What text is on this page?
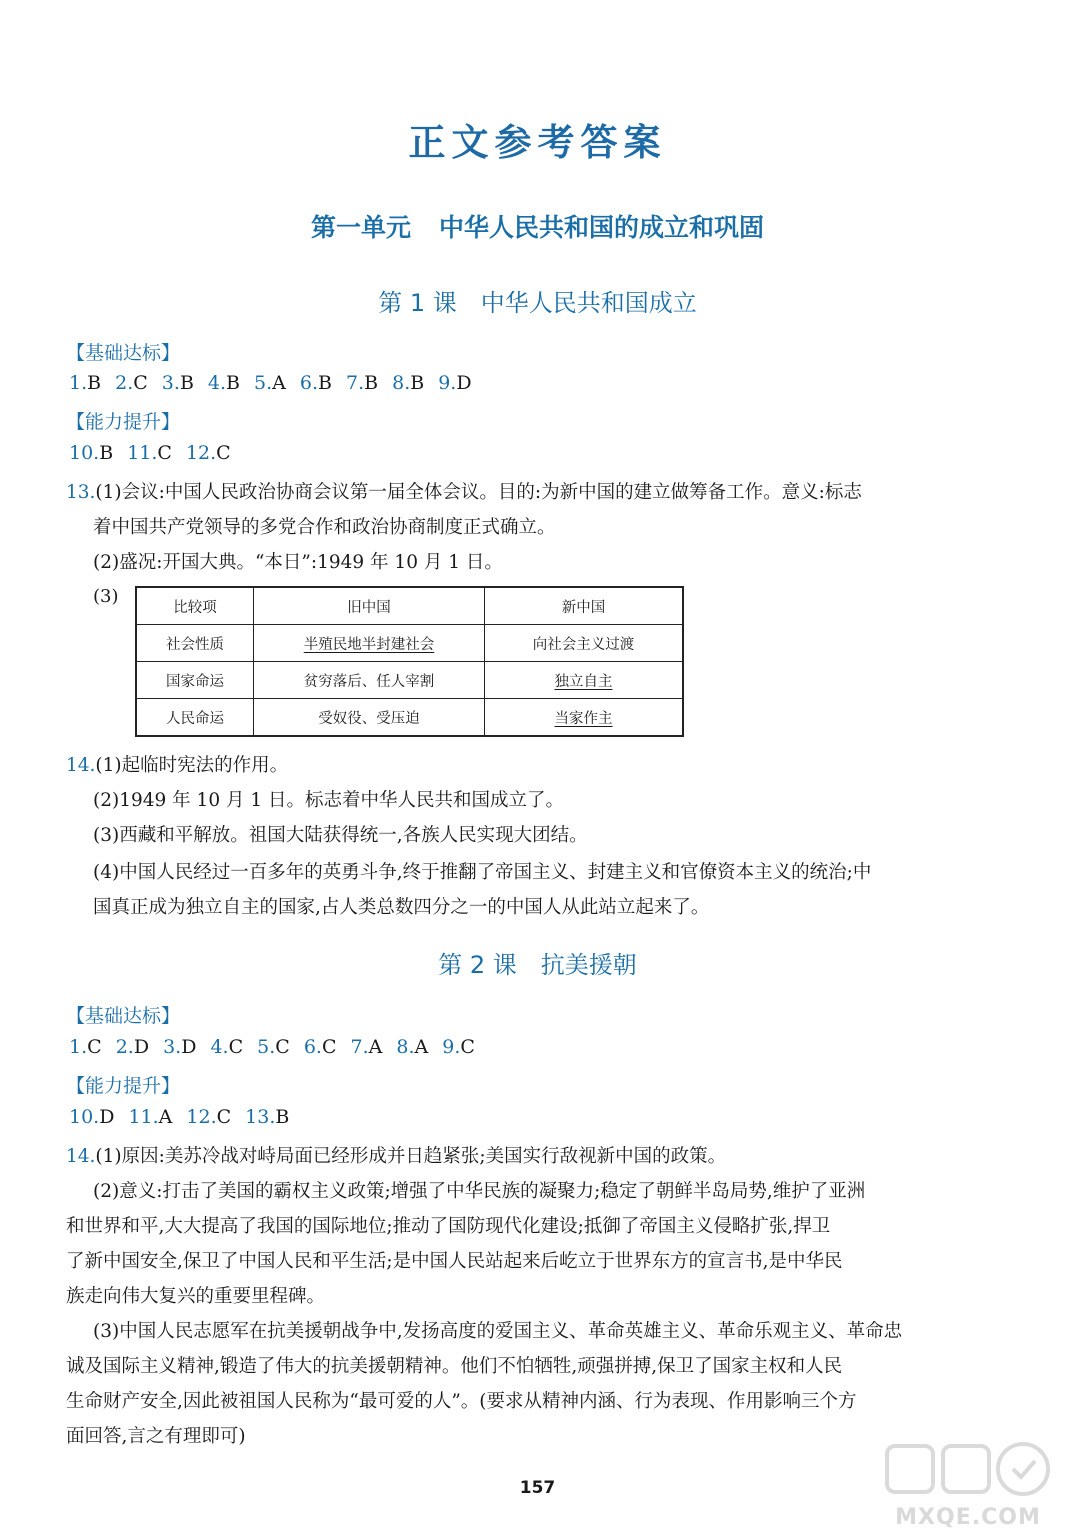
正文参考答案
第一单元 中华人民共和国的成立和巩固
第 1 课 中华人民共和国成立
【基础达标】
1.B 2.C 3.B 4.B 5.A 6.B 7.B 8.B 9.D
【能力提升】
10.B 11.C 12.C
13.(1)会议:中国人民政治协商会议第一届全体会议。目的:为新中国的建立做筹备工作。意义:标志
着中国共产党领导的多党合作和政治协商制度正式确立。
(2)盛况:开国大典。“本日”:1949 年 10 月 1 日。
(3)
比较项	旧中国	新中国
社会性质	半殖民地半封建社会	向社会主义过渡
国家命运	贫穷落后、任人宰割	独立自主
人民命运	受奴役、受压迫	当家作主
14.(1)起临时宪法的作用。
(2)1949 年 10 月 1 日。标志着中华人民共和国成立了。
(3)西藏和平解放。祖国大陆获得统一,各族人民实现大团结。
(4)中国人民经过一百多年的英勇斗争,终于推翻了帝国主义、封建主义和官僚资本主义的统治;中
国真正成为独立自主的国家,占人类总数四分之一的中国人从此站立起来了。
第 2 课 抗美援朝
【基础达标】
1.C 2.D 3.D 4.C 5.C 6.C 7.A 8.A 9.C
【能力提升】
10.D 11.A 12.C 13.B
14.(1)原因:美苏冷战对峙局面已经形成并日趋紧张;美国实行敌视新中国的政策。
(2)意义:打击了美国的霸权主义政策;增强了中华民族的凝聚力;稳定了朝鲜半岛局势,维护了亚洲
和世界和平,大大提高了我国的国际地位;推动了国防现代化建设;抵御了帝国主义侵略扩张,捍卫
了新中国安全,保卫了中国人民和平生活;是中国人民站起来后屹立于世界东方的宣言书,是中华民
族走向伟大复兴的重要里程碑。
(3)中国人民志愿军在抗美援朝战争中,发扬高度的爱国主义、革命英雄主义、革命乐观主义、革命忠
诚及国际主义精神,锻造了伟大的抗美援朝精神。他们不怕牺牲,顽强拼搏,保卫了国家主权和人民
生命财产安全,因此被祖国人民称为“最可爱的人”。(要求从精神内涵、行为表现、作用影响三个方
面回答,言之有理即可)
157
MXQE.COM
